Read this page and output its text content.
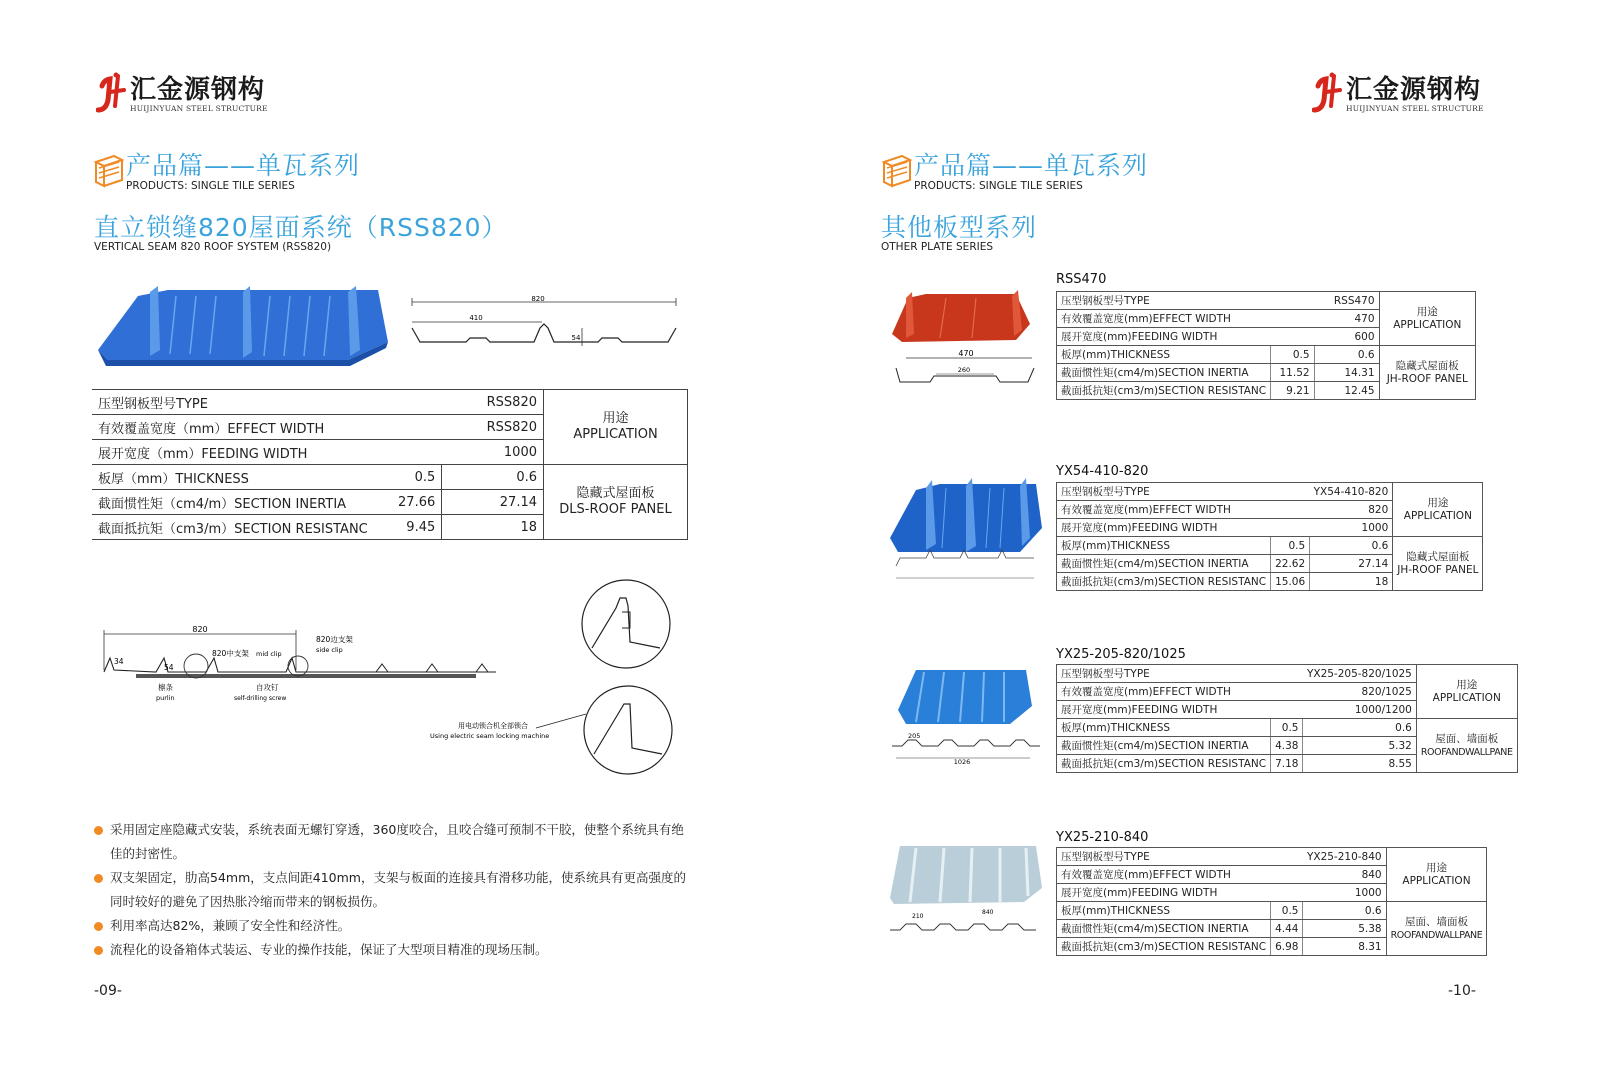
汇金源钢构
HUIJINYUAN STEEL STRUCTURE
产品篇——单瓦系列
PRODUCTS: SINGLE TILE SERIES
直立锁缝820屋面系统（RSS820）
VERTICAL SEAM 820 ROOF SYSTEM (RSS820)
820
410
54
压型钢板型号TYPE		RSS820	用途
APPLICATION

有效覆盖宽度（mm）EFFECT WIDTH		RSS820	
展开宽度（mm）FEEDING WIDTH		1000	
板厚（mm）THICKNESS	0.5	0.6	隐藏式屋面板
DLS-ROOF PANEL

截面惯性矩（cm4/m）SECTION INERTIA	27.66	27.14	
截面抵抗矩（cm3/m）SECTION RESISTANC	9.45	18	
820
820中支架 mid clip
820边支架
side clip
34
54
檩条
purlin
自攻钉
self-drilling screw
用电动锁合机全部锁合
Using electric seam locking machine
采用固定座隐藏式安装，系统表面无螺钉穿透，360度咬合，且咬合缝可预制不干胶，使整个系统具有绝佳的封密性。
双支架固定，肋高54mm，支点间距410mm，支架与板面的连接具有滑移功能，使系统具有更高强度的同时较好的避免了因热胀冷缩而带来的钢板损伤。
利用率高达82%，兼顾了安全性和经济性。
流程化的设备箱体式装运、专业的操作技能，保证了大型项目精准的现场压制。
-09-
汇金源钢构
HUIJINYUAN STEEL STRUCTURE
产品篇——单瓦系列
PRODUCTS: SINGLE TILE SERIES
其他板型系列
OTHER PLATE SERIES
RSS470
470
260
压型钢板型号TYPE		RSS470	用途
APPLICATION

有效覆盖宽度(mm)EFFECT WIDTH		470	
展开宽度(mm)FEEDING WIDTH		600	
板厚(mm)THICKNESS	0.5	0.6	隐藏式屋面板
JH-ROOF PANEL

截面惯性矩(cm4/m)SECTION INERTIA	11.52	14.31	
截面抵抗矩(cm3/m)SECTION RESISTANC	9.21	12.45	
YX54-410-820
压型钢板型号TYPE		YX54-410-820	用途
APPLICATION

有效覆盖宽度(mm)EFFECT WIDTH		820	
展开宽度(mm)FEEDING WIDTH		1000	
板厚(mm)THICKNESS	0.5	0.6	隐藏式屋面板
JH-ROOF PANEL

截面惯性矩(cm4/m)SECTION INERTIA	22.62	27.14	
截面抵抗矩(cm3/m)SECTION RESISTANC	15.06	18	
YX25-205-820/1025
205
1026
压型钢板型号TYPE		YX25-205-820/1025	用途
APPLICATION

有效覆盖宽度(mm)EFFECT WIDTH		820/1025	
展开宽度(mm)FEEDING WIDTH		1000/1200	
板厚(mm)THICKNESS	0.5	0.6	屋面、墙面板
ROOFANDWALLPANE

截面惯性矩(cm4/m)SECTION INERTIA	4.38	5.32	
截面抵抗矩(cm3/m)SECTION RESISTANC	7.18	8.55	
YX25-210-840
210
840
压型钢板型号TYPE		YX25-210-840	用途
APPLICATION

有效覆盖宽度(mm)EFFECT WIDTH		840	
展开宽度(mm)FEEDING WIDTH		1000	
板厚(mm)THICKNESS	0.5	0.6	屋面、墙面板
ROOFANDWALLPANE

截面惯性矩(cm4/m)SECTION INERTIA	4.44	5.38	
截面抵抗矩(cm3/m)SECTION RESISTANC	6.98	8.31	
-10-
